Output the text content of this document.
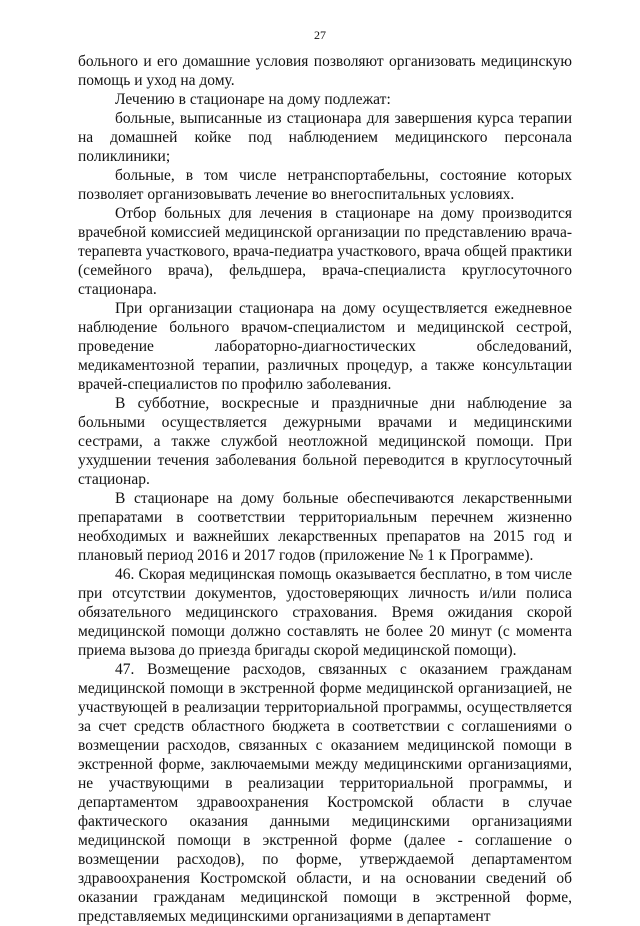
27

больного и его домашние условия позволяют организовать медицинскую помощь и уход на дому.

Лечению в стационаре на дому подлежат:

больные, выписанные из стационара для завершения курса терапии на домашней койке под наблюдением медицинского персонала поликлиники;

больные, в том числе нетранспортабельны, состояние которых позволяет организовывать лечение во внегоспитальных условиях.

Отбор больных для лечения в стационаре на дому производится врачебной комиссией медицинской организации по представлению врача-терапевта участкового, врача-педиатра участкового, врача общей практики (семейного врача), фельдшера, врача-специалиста круглосуточного стационара.

При организации стационара на дому осуществляется ежедневное наблюдение больного врачом-специалистом и медицинской сестрой, проведение лабораторно-диагностических обследований, медикаментозной терапии, различных процедур, а также консультации врачей-специалистов по профилю заболевания.

В субботние, воскресные и праздничные дни наблюдение за больными осуществляется дежурными врачами и медицинскими сестрами, а также службой неотложной медицинской помощи. При ухудшении течения заболевания больной переводится в круглосуточный стационар.

В стационаре на дому больные обеспечиваются лекарственными препаратами в соответствии территориальным перечнем жизненно необходимых и важнейших лекарственных препаратов на 2015 год и плановый период 2016 и 2017 годов (приложение № 1 к Программе).

46. Скорая медицинская помощь оказывается бесплатно, в том числе при отсутствии документов, удостоверяющих личность и/или полиса обязательного медицинского страхования. Время ожидания скорой медицинской помощи должно составлять не более 20 минут (с момента приема вызова до приезда бригады скорой медицинской помощи).

47. Возмещение расходов, связанных с оказанием гражданам медицинской помощи в экстренной форме медицинской организацией, не участвующей в реализации территориальной программы, осуществляется за счет средств областного бюджета в соответствии с соглашениями о возмещении расходов, связанных с оказанием медицинской помощи в экстренной форме, заключаемыми между медицинскими организациями, не участвующими в реализации территориальной программы, и департаментом здравоохранения Костромской области в случае фактического оказания данными медицинскими организациями медицинской помощи в экстренной форме (далее - соглашение о возмещении расходов), по форме, утверждаемой департаментом здравоохранения Костромской области, и на основании сведений об оказании гражданам медицинской помощи в экстренной форме, представляемых медицинскими организациями в департамент
